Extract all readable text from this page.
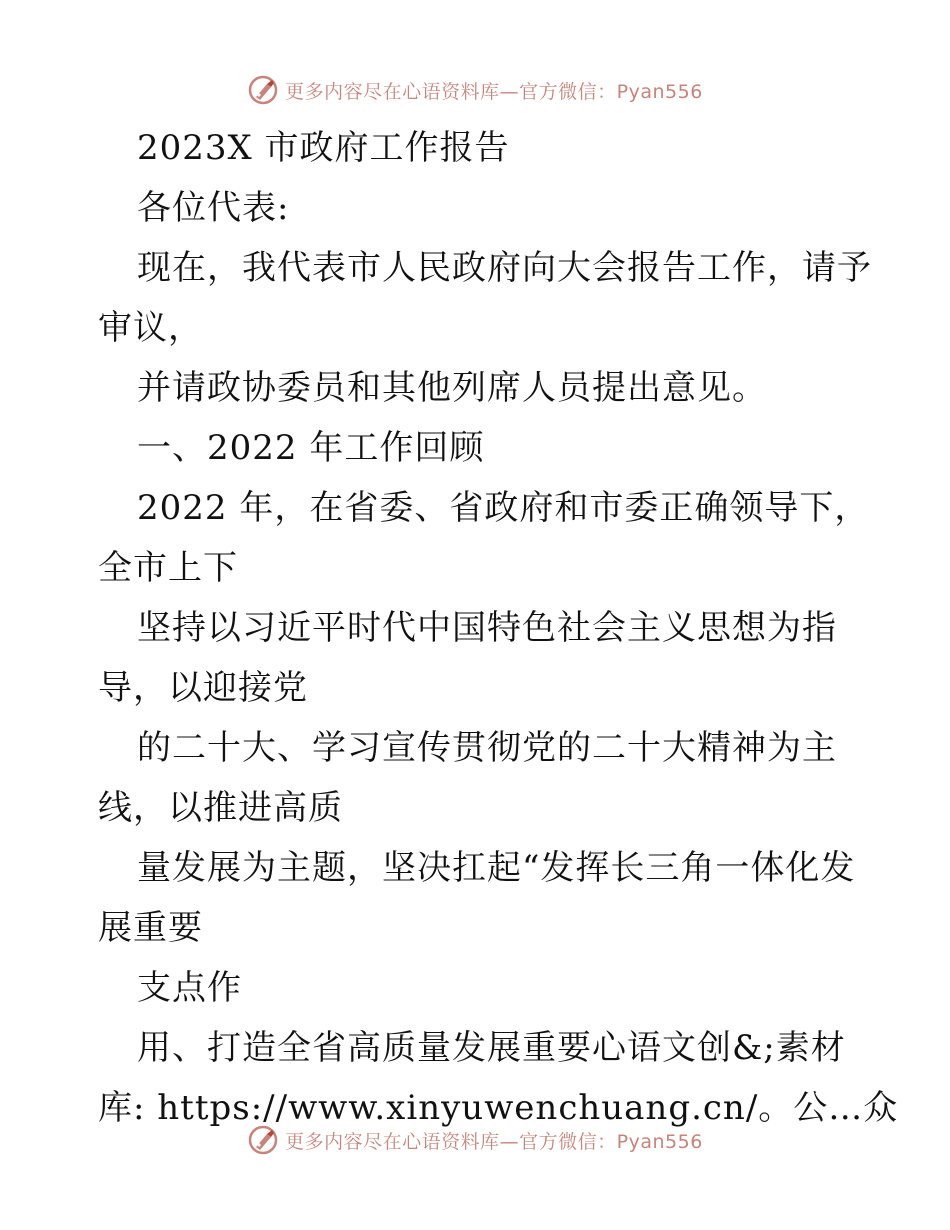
更多内容尽在心语资料库—官方微信：Pyan556
2023X 市政府工作报告
各位代表:
现在，我代表市人民政府向大会报告工作，请予
审议，
并请政协委员和其他列席人员提出意见。
一、2022 年工作回顾
2022 年，在省委、省政府和市委正确领导下，
全市上下
坚持以习近平时代中国特色社会主义思想为指
导，以迎接党
的二十大、学习宣传贯彻党的二十大精神为主
线，以推进高质
量发展为主题，坚决扛起“发挥长三角一体化发
展重要
支点作
用、打造全省高质量发展重要心语文创&;素材
库: https://www.xinyuwenchuang.cn/。公…众
更多内容尽在心语资料库—官方微信：Pyan556
